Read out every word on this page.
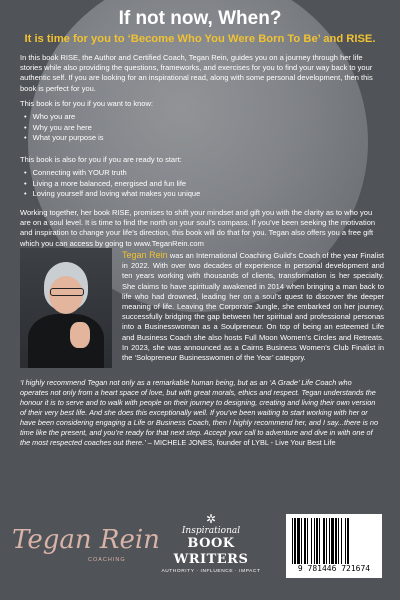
If not now, When?
It is time for you to ‘Become Who You Were Born To Be’ and RISE.
In this book RISE, the Author and Certified Coach, Tegan Rein, guides you on a journey through her life stories while also providing the questions, frameworks, and exercises for you to find your way back to your authentic self. If you are looking for an inspirational read, along with some personal development, then this book is perfect for you.
This book is for you if you want to know:
• Who you are
• Why you are here
• What your purpose is
This book is also for you if you are ready to start:
• Connecting with YOUR truth
• Living a more balanced, energised and fun life
• Loving yourself and loving what makes you unique
Working together, her book RISE, promises to shift your mindset and gift you with the clarity as to who you are on a soul level. It is time to find the north on your soul’s compass. If you’ve been seeking the motivation and inspiration to change your life’s direction, this book will do that for you. Tegan also offers you a free gift which you can access by going to www.TeganRein.com
Tegan Rein was an International Coaching Guild’s Coach of the year Finalist in 2022. With over two decades of experience in personal development and ten years working with thousands of clients, transformation is her specialty. She claims to have spiritually awakened in 2014 when bringing a man back to life who had drowned, leading her on a soul’s quest to discover the deeper meaning of life. Leaving the Corporate Jungle, she embarked on her journey, successfully bridging the gap between her spiritual and professional personas into a Businesswoman as a Soulpreneur. On top of being an esteemed Life and Business Coach she also hosts Full Moon Women’s Circles and Retreats. In 2023, she was announced as a Cairns Business Women’s Club Finalist in the ‘Solopreneur Businesswomen of the Year’ category.
‘I highly recommend Tegan not only as a remarkable human being, but as an ‘A Grade’ Life Coach who operates not only from a heart space of love, but with great morals, ethics and respect. Tegan understands the honour it is to serve and to walk with people on their journey to designing, creating and living their own version of their very best life. And she does this exceptionally well. If you’ve been waiting to start working with her or have been considering engaging a Life or Business Coach, then I highly recommend her, and I say...there is no time like the present, and you’re ready for that next step. Accept your call to adventure and dive in with one of the most respected coaches out there.’ – MICHELE JONES, founder of LYBL - Live Your Best Life
Tegan Rein
COACHING
✲
Inspirational
BOOK WRITERS
AUTHORITY · INFLUENCE · IMPACT	9 781446 721674
